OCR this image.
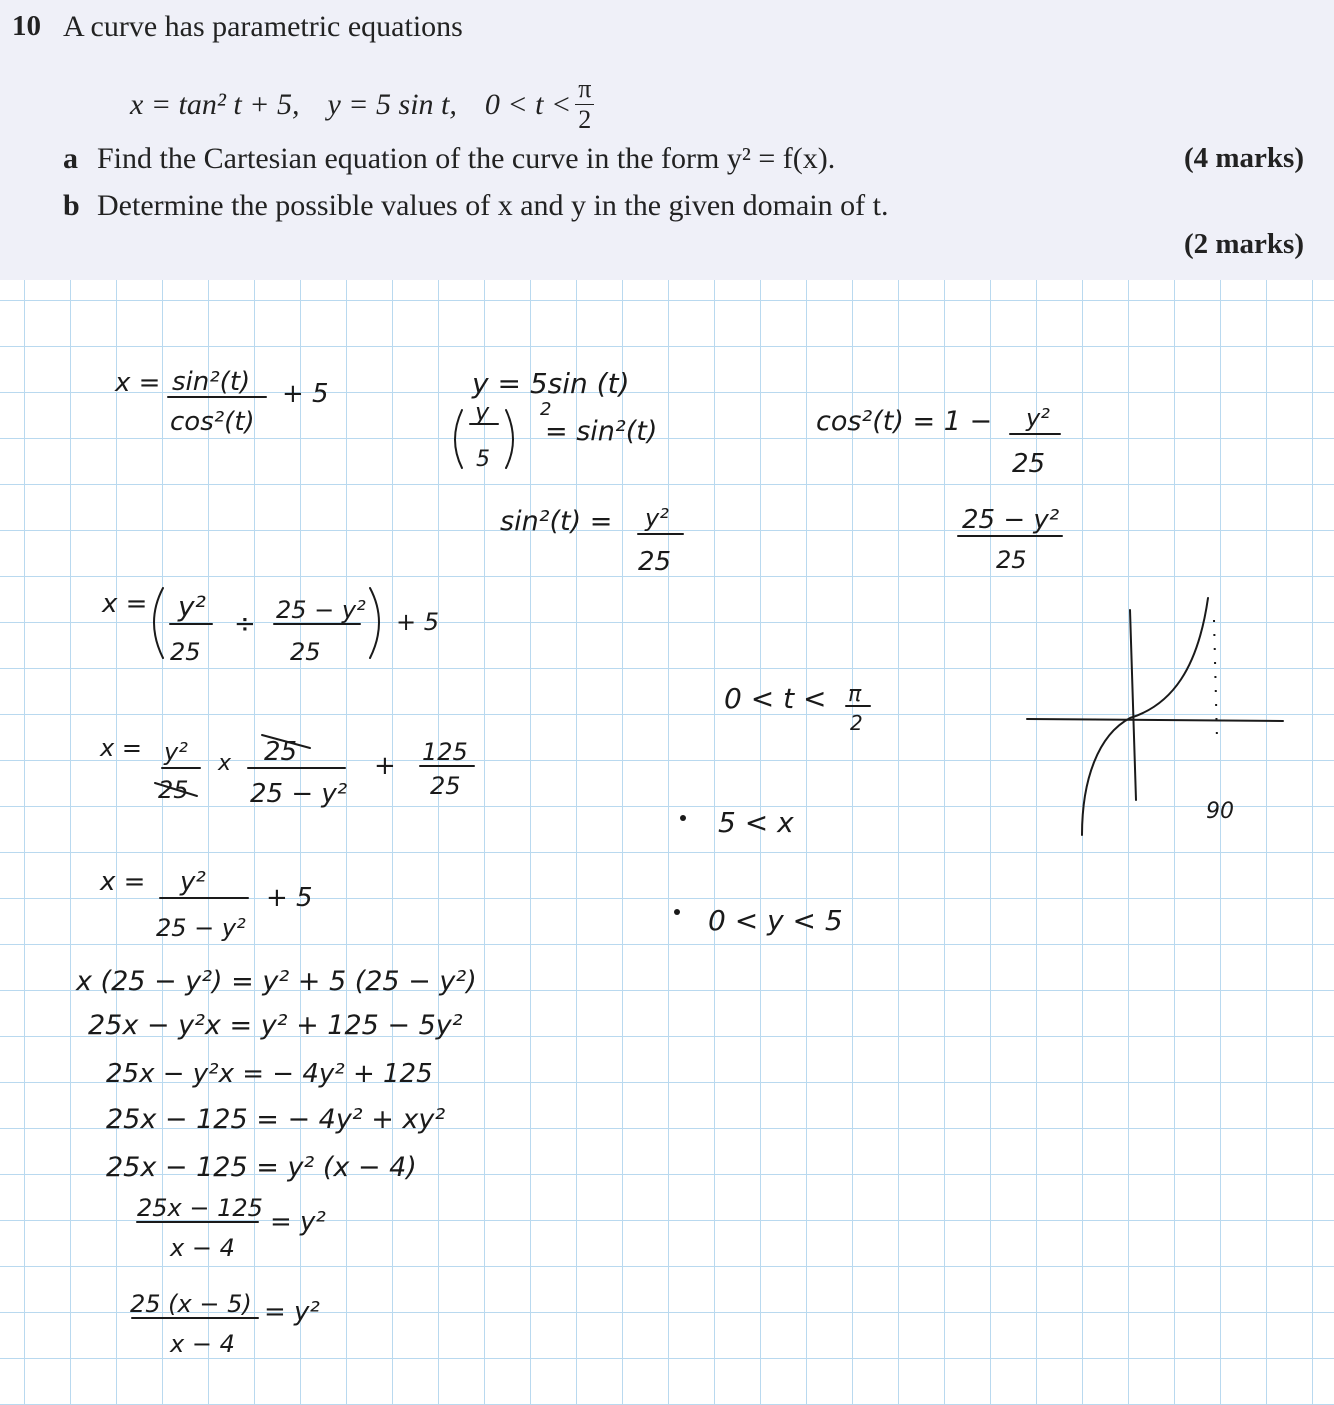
10 A curve has parametric equations
x = tan² t + 5, y = 5 sin t, $0 < t < \frac{\pi}{2}$
a Find the Cartesian equation of the curve in the form y² = f(x).	(4 marks)
b Determine the possible values of x and y in the given domain of t.
(2 marks)
x = sin²(t)
cos²(t)
+ 5	y = 5sin (t)
y
5
2
= sin²(t)
sin²(t) = y²
25
cos²(t) = 1 − y²
25
25 − y²
25
x = y²
25
÷ 25 − y²
25
+ 5
x = y²
25
x 25
25 − y²
+ 125
25
x = y²
25 − y²
+ 5
x (25 − y²) = y² + 5 (25 − y²)
25x − y²x = y² + 125 − 5y²
25x − y²x = − 4y² + 125
25x − 125 = − 4y² + xy²
25x − 125 = y² (x − 4)
25x − 125
x − 4
= y²
25 (x − 5)
x − 4
= y²
0 < t < π
2
5 < x
0 < y < 5
90
